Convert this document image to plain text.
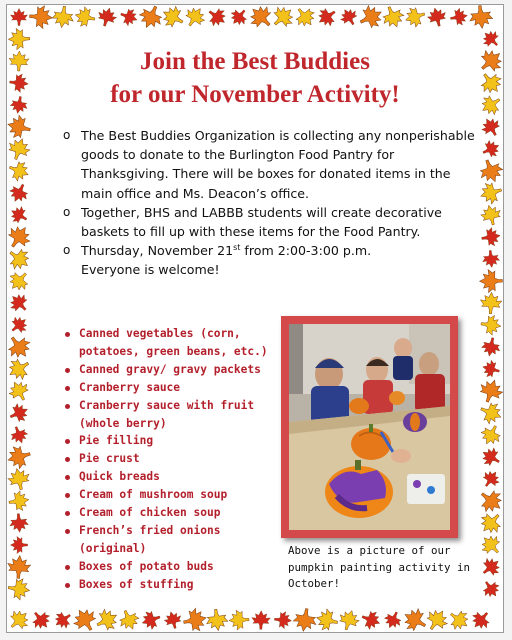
Join the Best Buddies
for our November Activity!
o The Best Buddies Organization is collecting any nonperishable goods to donate to the Burlington Food Pantry for Thanksgiving. There will be boxes for donated items in the main office and Ms. Deacon’s office.
o Together, BHS and LABBB students will create decorative baskets to fill up with these items for the Food Pantry.
o Thursday, November 21st from 2:00-3:00 p.m.
Everyone is welcome!
Canned vegetables (corn, potatoes, green beans, etc.)
Canned gravy/ gravy packets
Cranberry sauce
Cranberry sauce with fruit (whole berry)
Pie filling
Pie crust
Quick breads
Cream of mushroom soup
Cream of chicken soup
French’s fried onions (original)
Boxes of potato buds
Boxes of stuffing
Above is a picture of our pumpkin painting activity in October!
